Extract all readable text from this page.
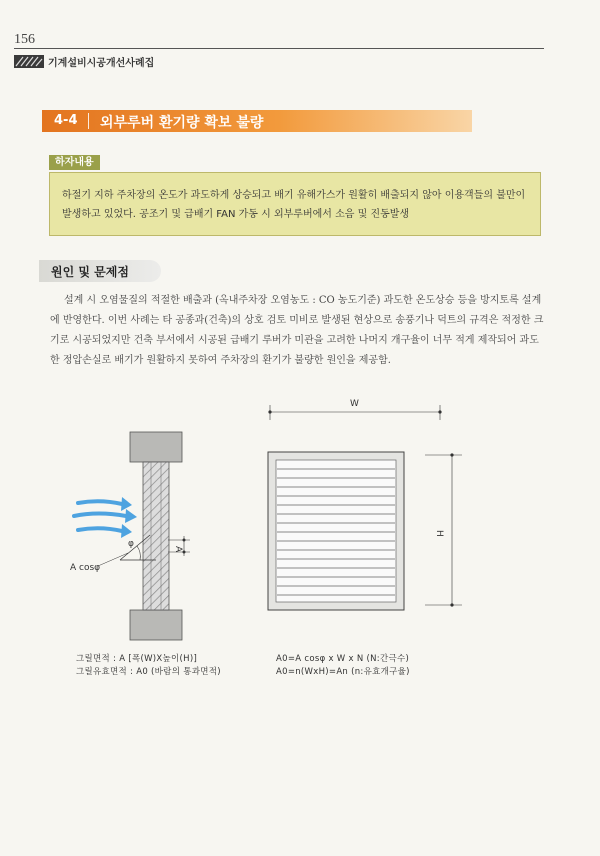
156
기계설비시공개선사례집
4-4 외부루버 환기량 확보 불량
하자내용
하절기 지하 주차장의 온도가 과도하게 상승되고 배기 유해가스가 원활히 배출되지 않아 이용객들의 불만이 발생하고 있었다. 공조기 및 급배기 FAN 가동 시 외부루버에서 소음 및 진동발생
원인 및 문제점
설계 시 오염물질의 적절한 배출과 (옥내주차장 오염농도 : CO 농도기준) 과도한 온도상승 등을 방지토록 설계에 반영한다. 이번 사례는 타 공종과(건축)의 상호 검토 미비로 발생된 현상으로 송풍기나 덕트의 규격은 적정한 크기로 시공되었지만 건축 부서에서 시공된 급배기 루버가 미관을 고려한 나머지 개구율이 너무 적게 제작되어 과도한 정압손실로 배기가 원활하지 못하여 주차장의 환기가 불량한 원인을 제공함.
φ
A cosφ
A
W
H
그릴면적 : A [폭(W)X높이(H)]
그릴유효면적 : A0 (바람의 통과면적)
A0=A cosφ x W x N (N:간극수)
A0=n(WxH)=An (n:유효개구율)
